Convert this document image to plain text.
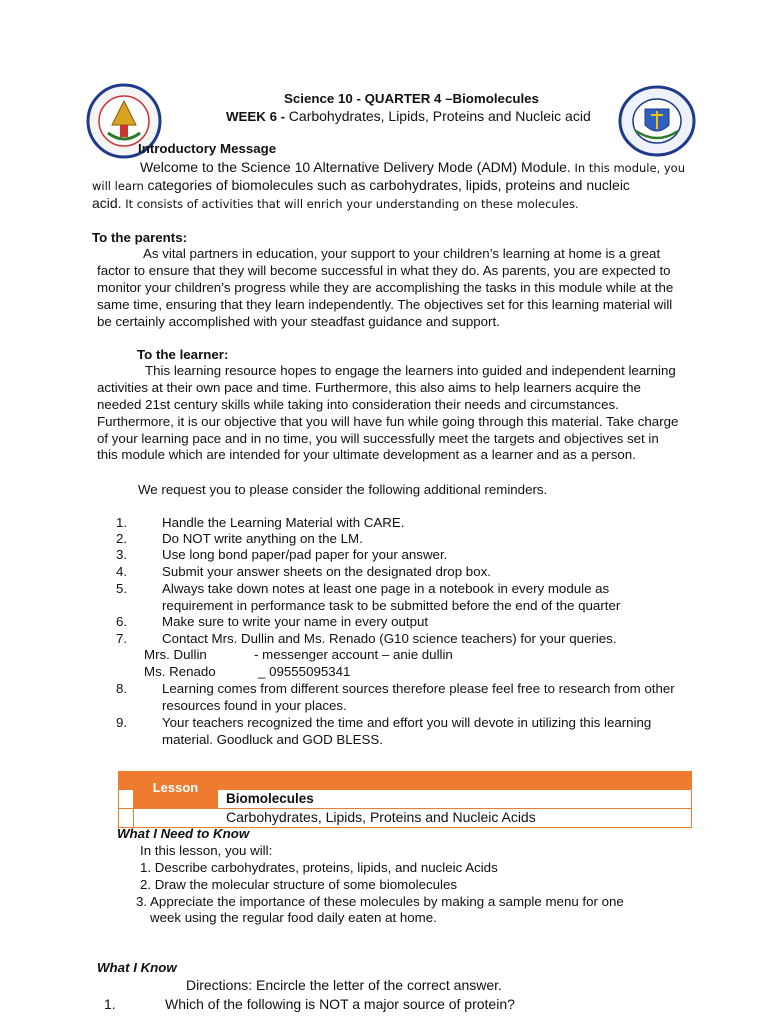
Science 10 - QUARTER 4 –Biomolecules
WEEK 6 - Carbohydrates, Lipids, Proteins and Nucleic acid
Introductory Message
Welcome to the Science 10 Alternative Delivery Mode (ADM) Module. In this module, you
will learn categories of biomolecules such as carbohydrates, lipids, proteins and nucleic
acid. It consists of activities that will enrich your understanding on these molecules.
To the parents:
As vital partners in education, your support to your children’s learning at home is a great
factor to ensure that they will become successful in what they do. As parents, you are expected to
monitor your children’s progress while they are accomplishing the tasks in this module while at the
same time, ensuring that they learn independently. The objectives set for this learning material will
be certainly accomplished with your steadfast guidance and support.
To the learner:
This learning resource hopes to engage the learners into guided and independent learning
activities at their own pace and time. Furthermore, this also aims to help learners acquire the
needed 21st century skills while taking into consideration their needs and circumstances.
Furthermore, it is our objective that you will have fun while going through this material. Take charge
of your learning pace and in no time, you will successfully meet the targets and objectives set in
this module which are intended for your ultimate development as a learner and as a person.
We request you to please consider the following additional reminders.
1.	Handle the Learning Material with CARE.
2.	Do NOT write anything on the LM.
3.	Use long bond paper/pad paper for your answer.
4.	Submit your answer sheets on the designated drop box.
5.	Always take down notes at least one page in a notebook in every module as
requirement in performance task to be submitted before the end of the quarter
6.	Make sure to write your name in every output
7.	Contact Mrs. Dullin and Ms. Renado (G10 science teachers) for your queries.
Mrs. Dullin	- messenger account – anie dullin
Ms. Renado	_ 09555095341
8.	Learning comes from different sources therefore please feel free to research from other
resources found in your places.
9.	Your teachers recognized the time and effort you will devote in utilizing this learning
material. Goodluck and GOD BLESS.
Lesson
Biomolecules
Carbohydrates, Lipids, Proteins and Nucleic Acids
What I Need to Know
In this lesson, you will:
1. Describe carbohydrates, proteins, lipids, and nucleic Acids
2. Draw the molecular structure of some biomolecules
3. Appreciate the importance of these molecules by making a sample menu for one
week using the regular food daily eaten at home.
What I Know
Directions: Encircle the letter of the correct answer.
1.	Which of the following is NOT a major source of protein?
